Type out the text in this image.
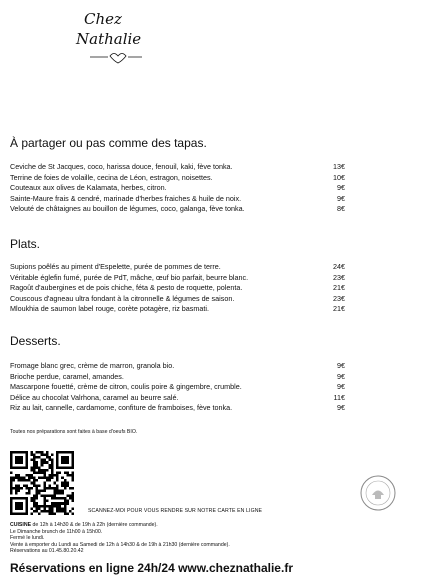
Chez
Nathalie
À partager ou pas comme des tapas.
Ceviche de St Jacques, coco, harissa douce, fenouil, kaki, fève tonka.	13€
Terrine de foies de volaille, cecina de Léon, estragon, noisettes.	10€
Couteaux aux olives de Kalamata, herbes, citron.	9€
Sainte-Maure frais & cendré, marinade d'herbes fraiches & huile de noix.	9€
Velouté de châtaignes au bouillon de légumes, coco, galanga, fève tonka.	8€
Plats.
Supions poêlés au piment d'Espelette, purée de pommes de terre.	24€
Véritable églefin fumé, purée de PdT, mâche, œuf bio parfait, beurre blanc.	23€
Ragoût d'aubergines et de pois chiche, féta & pesto de roquette, polenta.	21€
Couscous d'agneau ultra fondant à la citronnelle & légumes de saison.	23€
Mloukhia de saumon label rouge, corète potagère, riz basmati.	21€
Desserts.
Fromage blanc grec, crème de marron, granola bio.	9€
Brioche perdue, caramel, amandes.	9€
Mascarpone fouetté, crème de citron, coulis poire & gingembre, crumble.	9€
Délice au chocolat Valrhona, caramel au beurre salé.	11€
Riz au lait, cannelle, cardamome, confiture de framboises, fève tonka.	9€
Toutes nos préparations sont faites à base d'oeufs BIO.
SCANNEZ-MOI POUR VOUS RENDRE SUR NOTRE CARTE EN LIGNE
CUISINE de 12h à 14h30 & de 19h à 22h (dernière commande).
Le Dimanche brunch de 11h00 à 15h00.
Fermé le lundi.
Vente à emporter du Lundi au Samedi de 12h à 14h30 & de 19h à 21h30 (dernière commande).
Réservations au 01.45.80.20.42
Réservations en ligne 24h/24 www.cheznathalie.fr
